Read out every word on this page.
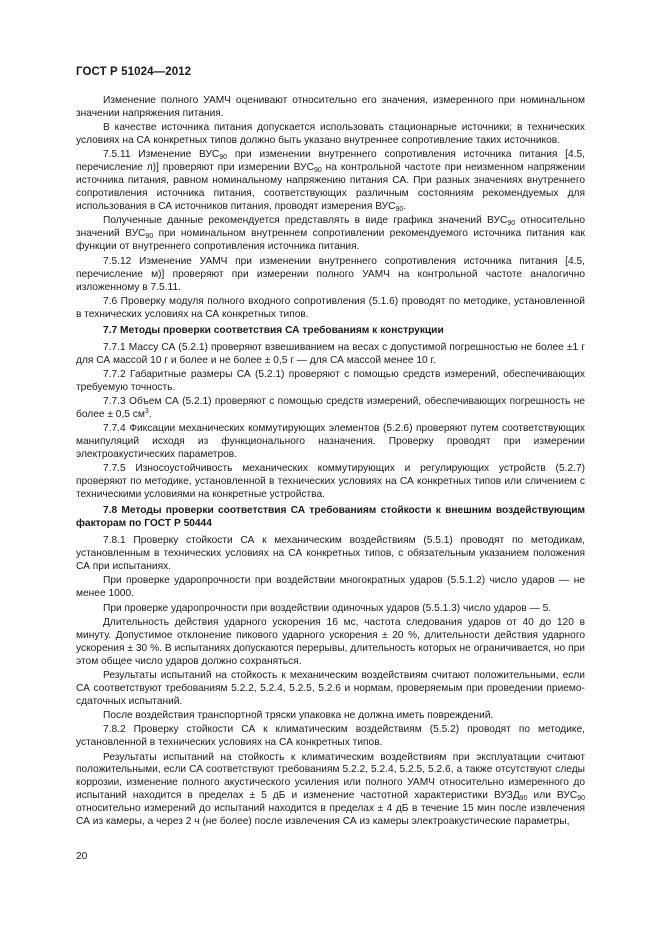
ГОСТ Р 51024—2012

Изменение полного УАМЧ оценивают относительно его значения, измеренного при номинальном значении напряжения питания.

В качестве источника питания допускается использовать стационарные источники; в технических условиях на СА конкретных типов должно быть указано внутреннее сопротивление таких источников.

7.5.11 Изменение $ВУС_{90}$ при изменении внутреннего сопротивления источника питания [4.5, перечисление л)] проверяют при измерении $ВУС_{90}$ на контрольной частоте при неизменном напряжении источника питания, равном номинальному напряжению питания СА. При разных значениях внутреннего сопротивления источника питания, соответствующих различным состояниям рекомендуемых для использования в СА источников питания, проводят измерения $ВУС_{90}$.

Полученные данные рекомендуется представлять в виде графика значений $ВУС_{90}$ относительно значений $ВУС_{90}$ при номинальном внутреннем сопротивлении рекомендуемого источника питания как функции от внутреннего сопротивления источника питания.

7.5.12 Изменение УАМЧ при изменении внутреннего сопротивления источника питания [4.5, перечисление м)] проверяют при измерении полного УАМЧ на контрольной частоте аналогично изложенному в 7.5.11.

7.6 Проверку модуля полного входного сопротивления (5.1.6) проводят по методике, установленной в технических условиях на СА конкретных типов.

7.7 Методы проверки соответствия СА требованиям к конструкции

7.7.1 Массу СА (5.2.1) проверяют взвешиванием на весах с допустимой погрешностью не более ±1 г для СА массой 10 г и более и не более ± 0,5 г — для СА массой менее 10 г.

7.7.2 Габаритные размеры СА (5.2.1) проверяют с помощью средств измерений, обеспечивающих требуемую точность.

7.7.3 Объем СА (5.2.1) проверяют с помощью средств измерений, обеспечивающих погрешность не более ± 0,5 $см^3$.

7.7.4 Фиксации механических коммутирующих элементов (5.2.6) проверяют путем соответствующих манипуляций исходя из функционального назначения. Проверку проводят при измерении электроакустических параметров.

7.7.5 Износоустойчивость механических коммутирующих и регулирующих устройств (5.2.7) проверяют по методике, установленной в технических условиях на СА конкретных типов или сличением с техническими условиями на конкретные устройства.

7.8 Методы проверки соответствия СА требованиям стойкости к внешним воздействующим факторам по ГОСТ Р 50444

7.8.1 Проверку стойкости СА к механическим воздействиям (5.5.1) проводят по методикам, установленным в технических условиях на СА конкретных типов, с обязательным указанием положения СА при испытаниях.

При проверке ударопрочности при воздействии многократных ударов (5.5.1.2) число ударов — не менее 1000.

При проверке ударопрочности при воздействии одиночных ударов (5.5.1.3) число ударов — 5.

Длительность действия ударного ускорения 16 мс, частота следования ударов от 40 до 120 в минуту. Допустимое отклонение пикового ударного ускорения ± 20 %, длительности действия ударного ускорения ± 30 %. В испытаниях допускаются перерывы, длительность которых не ограничивается, но при этом общее число ударов должно сохраняться.

Результаты испытаний на стойкость к механическим воздействиям считают положительными, если СА соответствуют требованиям 5.2.2, 5.2.4, 5.2.5, 5.2.6 и нормам, проверяемым при проведении приемо-сдаточных испытаний.

После воздействия транспортной тряски упаковка не должна иметь повреждений.

7.8.2 Проверку стойкости СА к климатическим воздействиям (5.5.2) проводят по методике, установленной в технических условиях на СА конкретных типов.

Результаты испытаний на стойкость к климатическим воздействиям при эксплуатации считают положительными, если СА соответствуют требованиям 5.2.2, 5.2.4, 5.2.5, 5.2.6, а также отсутствуют следы коррозии, изменение полного акустического усиления или полного УАМЧ относительно измеренного до испытаний находится в пределах ± 5 дБ и изменение частотной характеристики $ВУЗД_{90}$ или $ВУС_{90}$ относительно измерений до испытаний находится в пределах ± 4 дБ в течение 15 мин после извлечения СА из камеры, а через 2 ч (не более) после извлечения СА из камеры электроакустические параметры,

20
